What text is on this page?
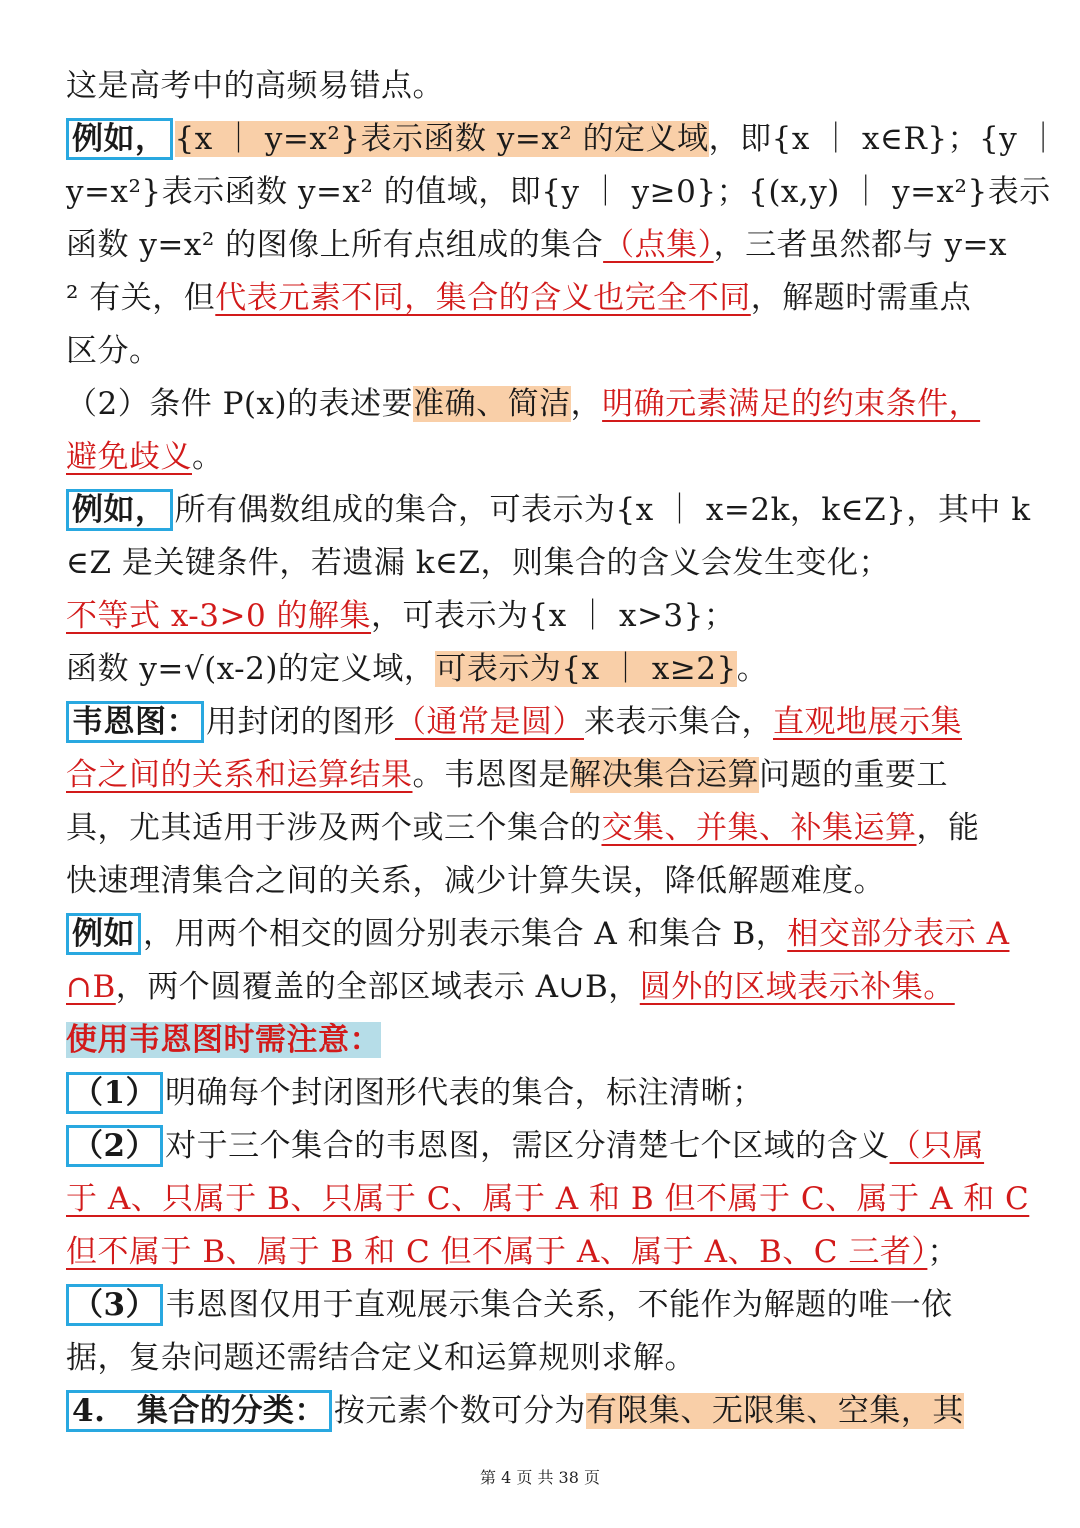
这是高考中的高频易错点。
例如， {x ｜ y=x²}表示函数 y=x² 的定义域，即{x ｜ x∈R}；{y ｜
y=x²}表示函数 y=x² 的值域，即{y ｜ y≥0}；{(x,y) ｜ y=x²}表示
函数 y=x² 的图像上所有点组成的集合（点集），三者虽然都与 y=x
² 有关，但代表元素不同，集合的含义也完全不同，解题时需重点
区分。
（2）条件 P(x)的表述要准确、简洁，明确元素满足的约束条件，
避免歧义。
例如， 所有偶数组成的集合，可表示为{x ｜ x=2k，k∈Z}，其中 k
∈Z 是关键条件，若遗漏 k∈Z，则集合的含义会发生变化；
不等式 x-3>0 的解集，可表示为{x ｜ x>3}；
函数 y=√(x-2)的定义域，可表示为{x ｜ x≥2}。
韦恩图： 用封闭的图形（通常是圆）来表示集合，直观地展示集
合之间的关系和运算结果。韦恩图是解决集合运算问题的重要工
具，尤其适用于涉及两个或三个集合的交集、并集、补集运算，能
快速理清集合之间的关系，减少计算失误，降低解题难度。
例如 ，用两个相交的圆分别表示集合 A 和集合 B，相交部分表示 A
∩B，两个圆覆盖的全部区域表示 A∪B，圆外的区域表示补集。
使用韦恩图时需注意：
（1） 明确每个封闭图形代表的集合，标注清晰；
（2） 对于三个集合的韦恩图，需区分清楚七个区域的含义（只属
于 A、只属于 B、只属于 C、属于 A 和 B 但不属于 C、属于 A 和 C
但不属于 B、属于 B 和 C 但不属于 A、属于 A、B、C 三者）；
（3） 韦恩图仅用于直观展示集合关系，不能作为解题的唯一依
据，复杂问题还需结合定义和运算规则求解。
4.　集合的分类： 按元素个数可分为有限集、无限集、空集，其
第 4 页 共 38 页
